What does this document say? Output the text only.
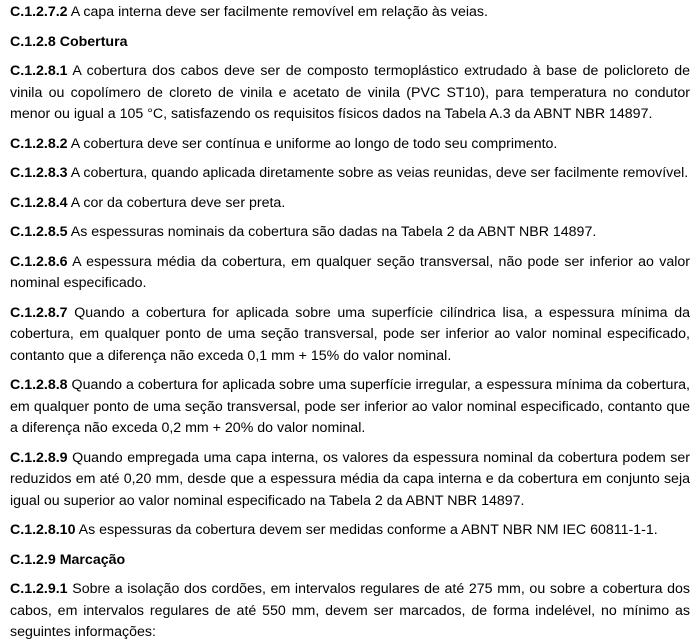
C.1.2.7.2 A capa interna deve ser facilmente removível em relação às veias.

C.1.2.8 Cobertura

C.1.2.8.1 A cobertura dos cabos deve ser de composto termoplástico extrudado à base de policloreto de vinila ou copolímero de cloreto de vinila e acetato de vinila (PVC ST10), para temperatura no condutor menor ou igual a 105 °C, satisfazendo os requisitos físicos dados na Tabela A.3 da ABNT NBR 14897.

C.1.2.8.2 A cobertura deve ser contínua e uniforme ao longo de todo seu comprimento.

C.1.2.8.3 A cobertura, quando aplicada diretamente sobre as veias reunidas, deve ser facilmente removível.

C.1.2.8.4 A cor da cobertura deve ser preta.

C.1.2.8.5 As espessuras nominais da cobertura são dadas na Tabela 2 da ABNT NBR 14897.

C.1.2.8.6 A espessura média da cobertura, em qualquer seção transversal, não pode ser inferior ao valor nominal especificado.

C.1.2.8.7 Quando a cobertura for aplicada sobre uma superfície cilíndrica lisa, a espessura mínima da cobertura, em qualquer ponto de uma seção transversal, pode ser inferior ao valor nominal especificado, contanto que a diferença não exceda 0,1 mm + 15% do valor nominal.

C.1.2.8.8 Quando a cobertura for aplicada sobre uma superfície irregular, a espessura mínima da cobertura, em qualquer ponto de uma seção transversal, pode ser inferior ao valor nominal especificado, contanto que a diferença não exceda 0,2 mm + 20% do valor nominal.

C.1.2.8.9 Quando empregada uma capa interna, os valores da espessura nominal da cobertura podem ser reduzidos em até 0,20 mm, desde que a espessura média da capa interna e da cobertura em conjunto seja igual ou superior ao valor nominal especificado na Tabela 2 da ABNT NBR 14897.

C.1.2.8.10 As espessuras da cobertura devem ser medidas conforme a ABNT NBR NM IEC 60811-1-1.

C.1.2.9 Marcação

C.1.2.9.1 Sobre a isolação dos cordões, em intervalos regulares de até 275 mm, ou sobre a cobertura dos cabos, em intervalos regulares de até 550 mm, devem ser marcados, de forma indelével, no mínimo as seguintes informações:
